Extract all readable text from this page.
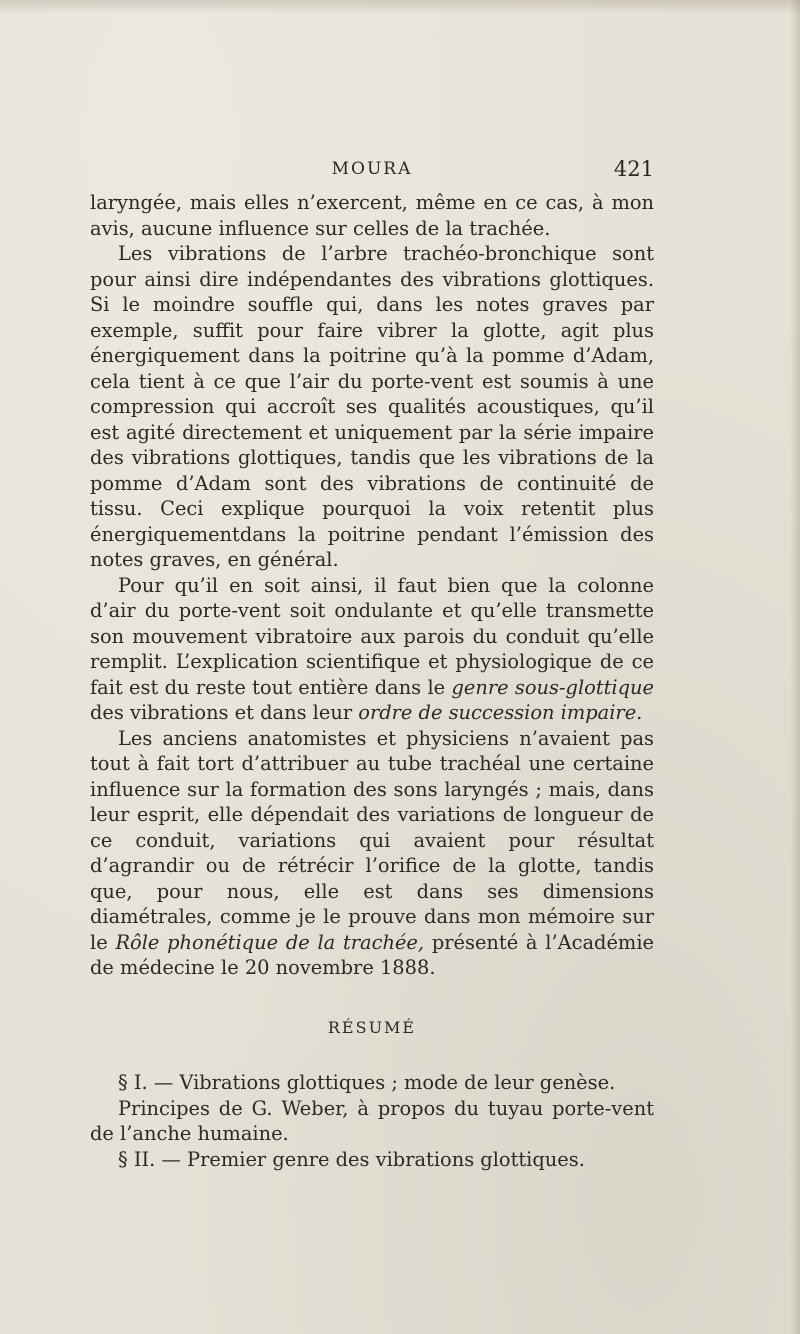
MOURA	421

laryngée, mais elles n’exercent, même en ce cas, à mon avis, aucune influence sur celles de la trachée.

Les vibrations de l’arbre trachéo-bronchique sont pour ainsi dire indépendantes des vibrations glottiques. Si le moindre souffle qui, dans les notes graves par exemple, suffit pour faire vibrer la glotte, agit plus énergiquement dans la poitrine qu’à la pomme d’Adam, cela tient à ce que l’air du porte-vent est soumis à une compression qui accroît ses qualités acoustiques, qu’il est agité directement et uniquement par la série impaire des vibrations glottiques, tandis que les vibrations de la pomme d’Adam sont des vibrations de continuité de tissu. Ceci explique pourquoi la voix retentit plus énergiquementdans la poitrine pendant l’émission des notes graves, en général.

Pour qu’il en soit ainsi, il faut bien que la colonne d’air du porte-vent soit ondulante et qu’elle transmette son mouvement vibratoire aux parois du conduit qu’elle remplit. L’explication scientifique et physiologique de ce fait est du reste tout entière dans le genre sous-glottique des vibrations et dans leur ordre de succession impaire.

Les anciens anatomistes et physiciens n’avaient pas tout à fait tort d’attribuer au tube trachéal une certaine influence sur la formation des sons laryngés ; mais, dans leur esprit, elle dépendait des variations de longueur de ce conduit, variations qui avaient pour résultat d’agrandir ou de rétrécir l’orifice de la glotte, tandis que, pour nous, elle est dans ses dimensions diamétrales, comme je le prouve dans mon mémoire sur le Rôle phonétique de la trachée, présenté à l’Académie de médecine le 20 novembre 1888.

RÉSUMÉ

§ I. — Vibrations glottiques ; mode de leur genèse.

Principes de G. Weber, à propos du tuyau porte-vent de l’anche humaine.

§ II. — Premier genre des vibrations glottiques.
